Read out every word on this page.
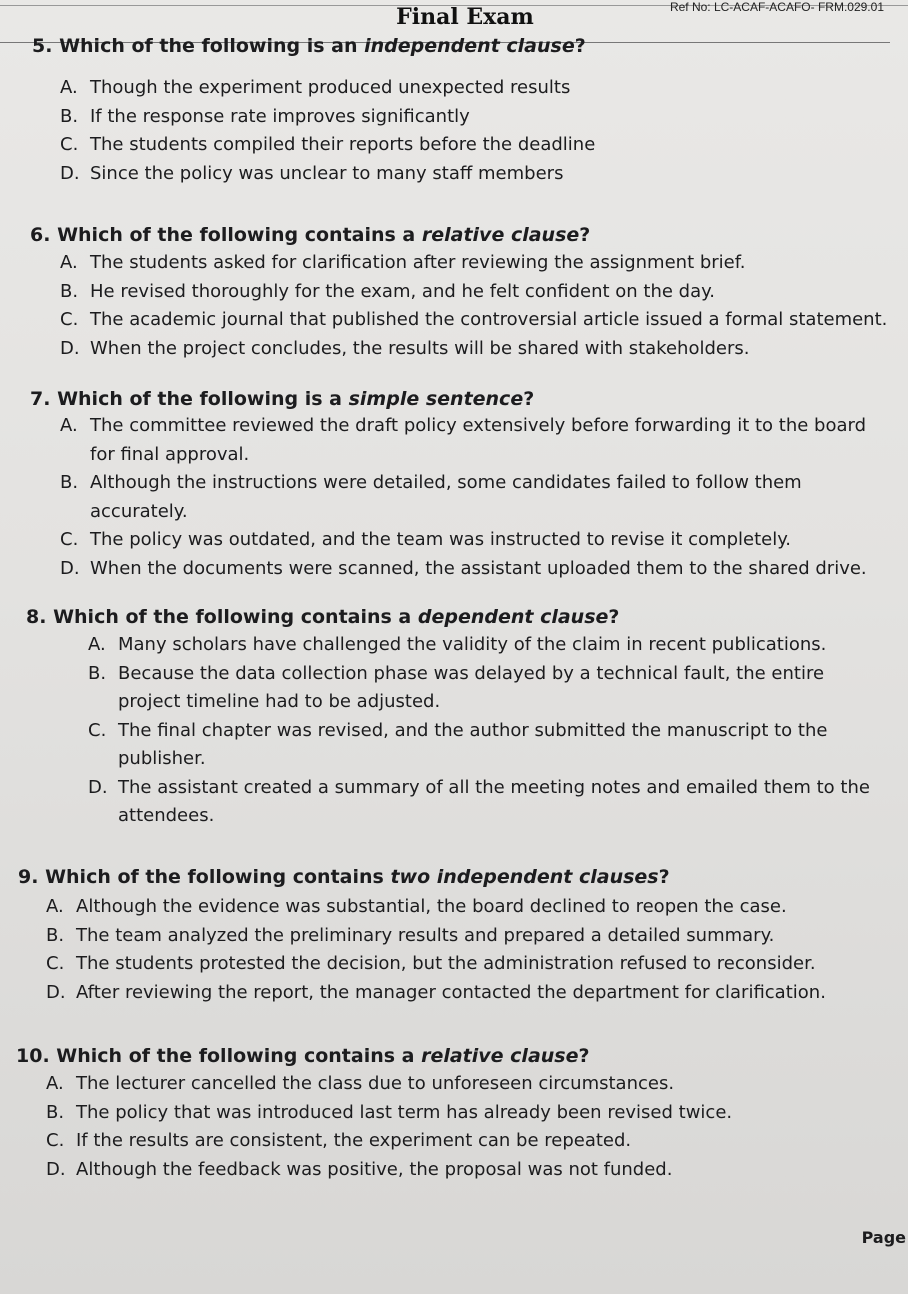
Ref No: LC-ACAF-ACAFO- FRM.029.01
Final Exam
5. Which of the following is an independent clause?
A. Though the experiment produced unexpected results
B. If the response rate improves significantly
C. The students compiled their reports before the deadline
D. Since the policy was unclear to many staff members
6. Which of the following contains a relative clause?
A. The students asked for clarification after reviewing the assignment brief.
B. He revised thoroughly for the exam, and he felt confident on the day.
C. The academic journal that published the controversial article issued a formal statement.
D. When the project concludes, the results will be shared with stakeholders.
7. Which of the following is a simple sentence?
A. The committee reviewed the draft policy extensively before forwarding it to the board for final approval.
B. Although the instructions were detailed, some candidates failed to follow them accurately.
C. The policy was outdated, and the team was instructed to revise it completely.
D. When the documents were scanned, the assistant uploaded them to the shared drive.
8. Which of the following contains a dependent clause?
A. Many scholars have challenged the validity of the claim in recent publications.
B. Because the data collection phase was delayed by a technical fault, the entire project timeline had to be adjusted.
C. The final chapter was revised, and the author submitted the manuscript to the publisher.
D. The assistant created a summary of all the meeting notes and emailed them to the attendees.
9. Which of the following contains two independent clauses?
A. Although the evidence was substantial, the board declined to reopen the case.
B. The team analyzed the preliminary results and prepared a detailed summary.
C. The students protested the decision, but the administration refused to reconsider.
D. After reviewing the report, the manager contacted the department for clarification.
10. Which of the following contains a relative clause?
A. The lecturer cancelled the class due to unforeseen circumstances.
B. The policy that was introduced last term has already been revised twice.
C. If the results are consistent, the experiment can be repeated.
D. Although the feedback was positive, the proposal was not funded.
Page
